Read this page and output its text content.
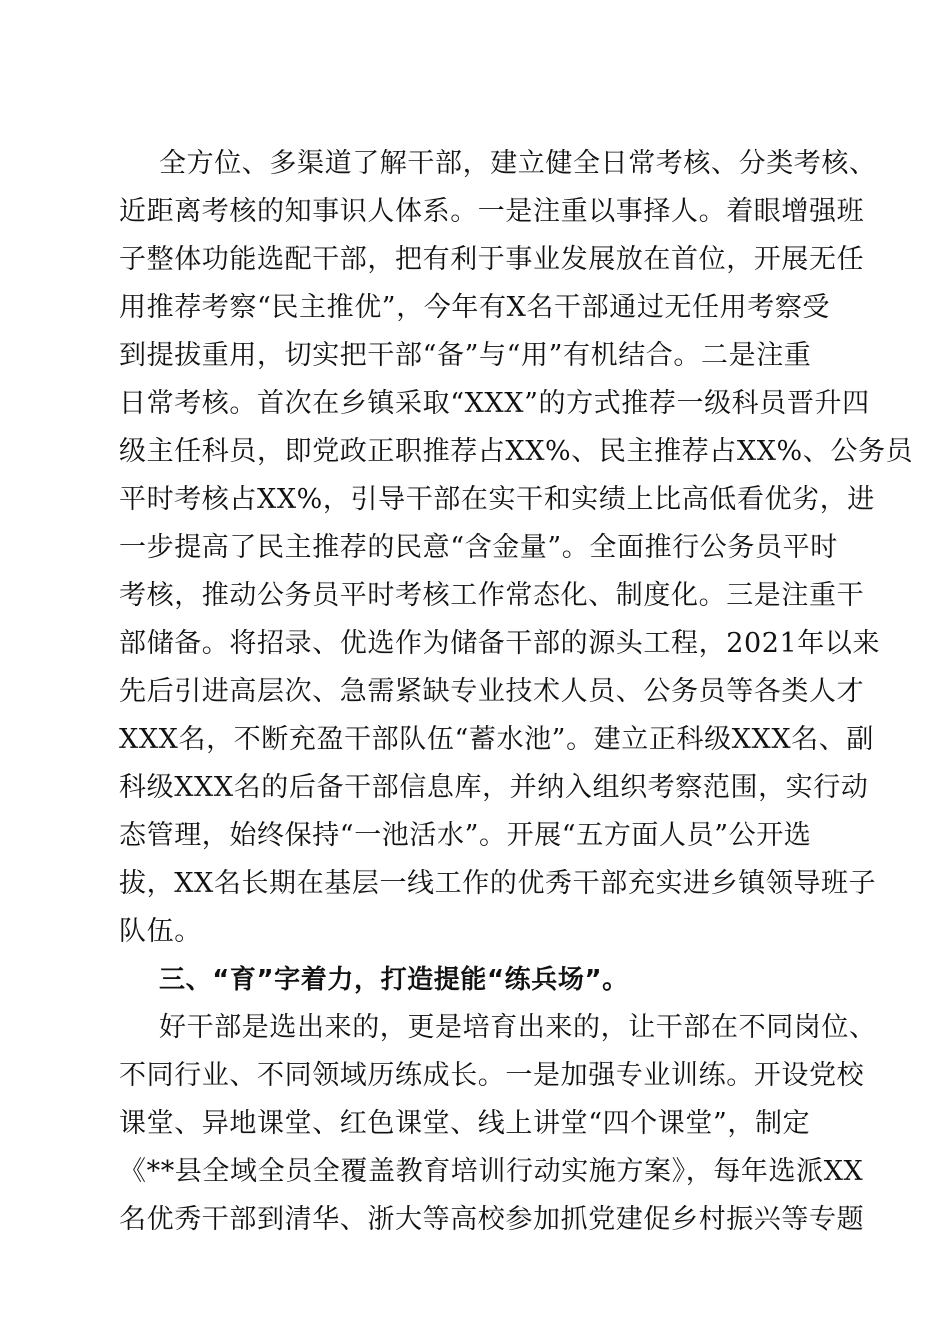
全方位、多渠道了解干部，建立健全日常考核、分类考核、
近距离考核的知事识人体系。一是注重以事择人。着眼增强班
子整体功能选配干部，把有利于事业发展放在首位，开展无任
用推荐考察“民主推优”，今年有X名干部通过无任用考察受
到提拔重用，切实把干部“备”与“用”有机结合。二是注重
日常考核。首次在乡镇采取“XXX”的方式推荐一级科员晋升四
级主任科员，即党政正职推荐占XX%、民主推荐占XX%、公务员
平时考核占XX%，引导干部在实干和实绩上比高低看优劣，进
一步提高了民主推荐的民意“含金量”。全面推行公务员平时
考核，推动公务员平时考核工作常态化、制度化。三是注重干
部储备。将招录、优选作为储备干部的源头工程，2021年以来
先后引进高层次、急需紧缺专业技术人员、公务员等各类人才
XXX名，不断充盈干部队伍“蓄水池”。建立正科级XXX名、副
科级XXX名的后备干部信息库，并纳入组织考察范围，实行动
态管理，始终保持“一池活水”。开展“五方面人员”公开选
拔，XX名长期在基层一线工作的优秀干部充实进乡镇领导班子
队伍。
三、“育”字着力，打造提能“练兵场”。
好干部是选出来的，更是培育出来的，让干部在不同岗位、
不同行业、不同领域历练成长。一是加强专业训练。开设党校
课堂、异地课堂、红色课堂、线上讲堂“四个课堂”，制定
《**县全域全员全覆盖教育培训行动实施方案》，每年选派XX
名优秀干部到清华、浙大等高校参加抓党建促乡村振兴等专题
